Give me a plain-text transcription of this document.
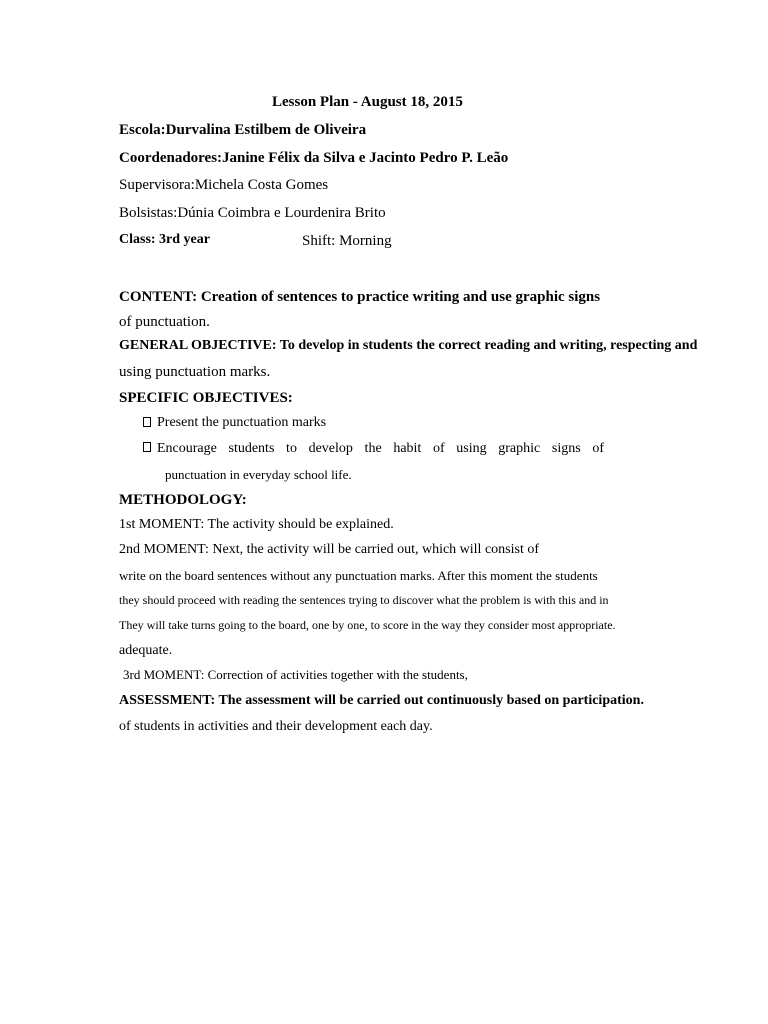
Lesson Plan - August 18, 2015
Escola:Durvalina Estilbem de Oliveira
Coordenadores:Janine Félix da Silva e Jacinto Pedro P. Leão
Supervisora:Michela Costa Gomes
Bolsistas:Dúnia Coimbra e Lourdenira Brito
Class: 3rd year	Shift: Morning
CONTENT: Creation of sentences to practice writing and use graphic signs
of punctuation.
GENERAL OBJECTIVE: To develop in students the correct reading and writing, respecting and
using punctuation marks.
SPECIFIC OBJECTIVES:
Present the punctuation marks
Encourage students to develop the habit of using graphic signs of
punctuation in everyday school life.
METHODOLOGY:
1st MOMENT: The activity should be explained.
2nd MOMENT: Next, the activity will be carried out, which will consist of
write on the board sentences without any punctuation marks. After this moment the students
they should proceed with reading the sentences trying to discover what the problem is with this and in
They will take turns going to the board, one by one, to score in the way they consider most appropriate.
adequate.
3rd MOMENT: Correction of activities together with the students,
ASSESSMENT: The assessment will be carried out continuously based on participation.
of students in activities and their development each day.
